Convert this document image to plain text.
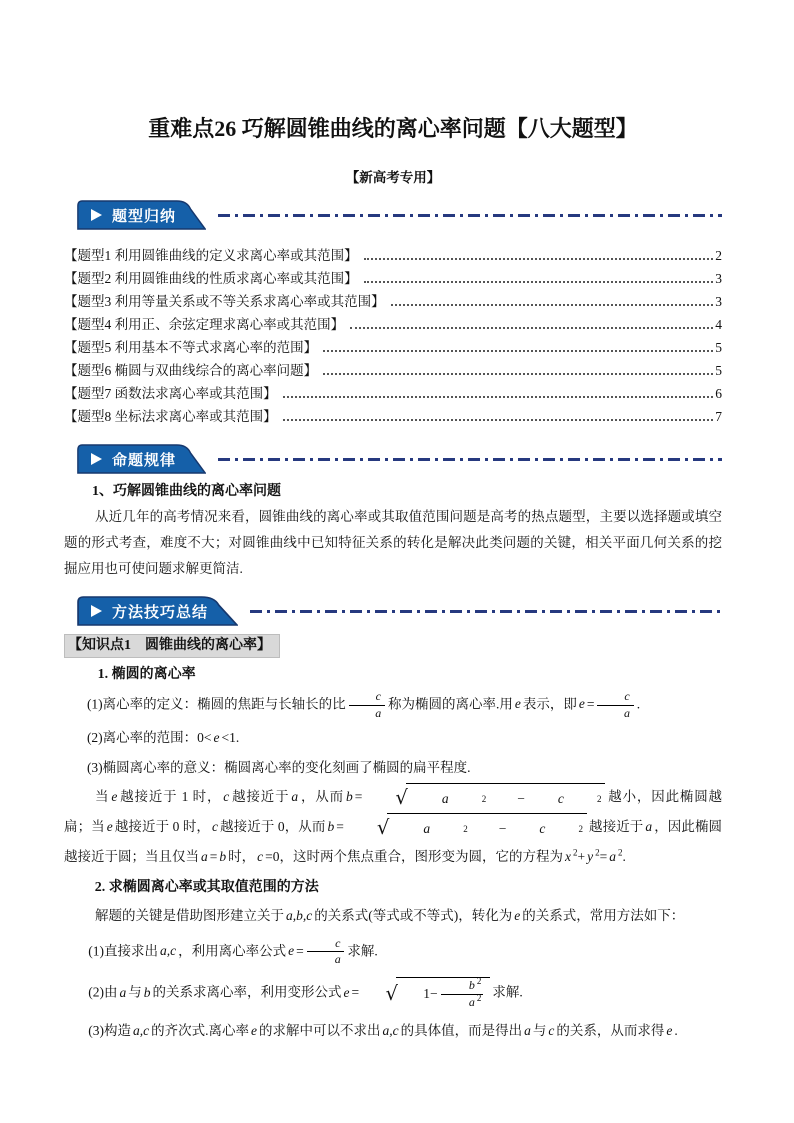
重难点26 巧解圆锥曲线的离心率问题【八大题型】
【新高考专用】
题型归纳
【题型1 利用圆锥曲线的定义求离心率或其范围】	2
【题型2 利用圆锥曲线的性质求离心率或其范围】	3
【题型3 利用等量关系或不等关系求离心率或其范围】	3
【题型4 利用正、余弦定理求离心率或其范围】	4
【题型5 利用基本不等式求离心率的范围】	5
【题型6 椭圆与双曲线综合的离心率问题】	5
【题型7 函数法求离心率或其范围】	6
【题型8 坐标法求离心率或其范围】	7
命题规律
1、巧解圆锥曲线的离心率问题
从近几年的高考情况来看，圆锥曲线的离心率或其取值范围问题是高考的热点题型，主要以选择题或填空题的形式考查，难度不大；对圆锥曲线中已知特征关系的转化是解决此类问题的关键，相关平面几何关系的挖掘应用也可使问题求解更简洁.
方法技巧总结
【知识点1　圆锥曲线的离心率】
1. 椭圆的离心率
(1)离心率的定义：椭圆的焦距与长轴长的比 $\frac{c}{a}$ 称为椭圆的离心率.用 e 表示，即 $e = \frac{c}{a}$ .
(2)离心率的范围：0< e <1.
(3)椭圆离心率的意义：椭圆离心率的变化刻画了椭圆的扁平程度.
当 e 越接近于 1 时， c 越接近于 a ，从而 b =	√	a	2 −	c	2 越小，因此椭圆越扁；当 e 越接近于 0 时， c 越接近于 0，从而 b =	√	a	2 −	c	2 越接近于 a ，因此椭圆越接近于圆；当且仅当 a = b 时， c =0，这时两个焦点重合，图形变为圆，它的方程为 x $^2$+ y $^2$= a $^2$.
2. 求椭圆离心率或其取值范围的方法
解题的关键是借助图形建立关于 a,b,c 的关系式(等式或不等式)，转化为 e 的关系式，常用方法如下：
(1)直接求出 a,c ，利用离心率公式 $e = \frac{c}{a}$ 求解.
(2)由 a 与 b 的关系求离心率，利用变形公式 e =	√	$1- \frac{b ^2}{a ^2}$ 求解.
(3)构造 a,c 的齐次式.离心率 e 的求解中可以不求出 a,c 的具体值，而是得出 a 与 c 的关系，从而求得 e .
